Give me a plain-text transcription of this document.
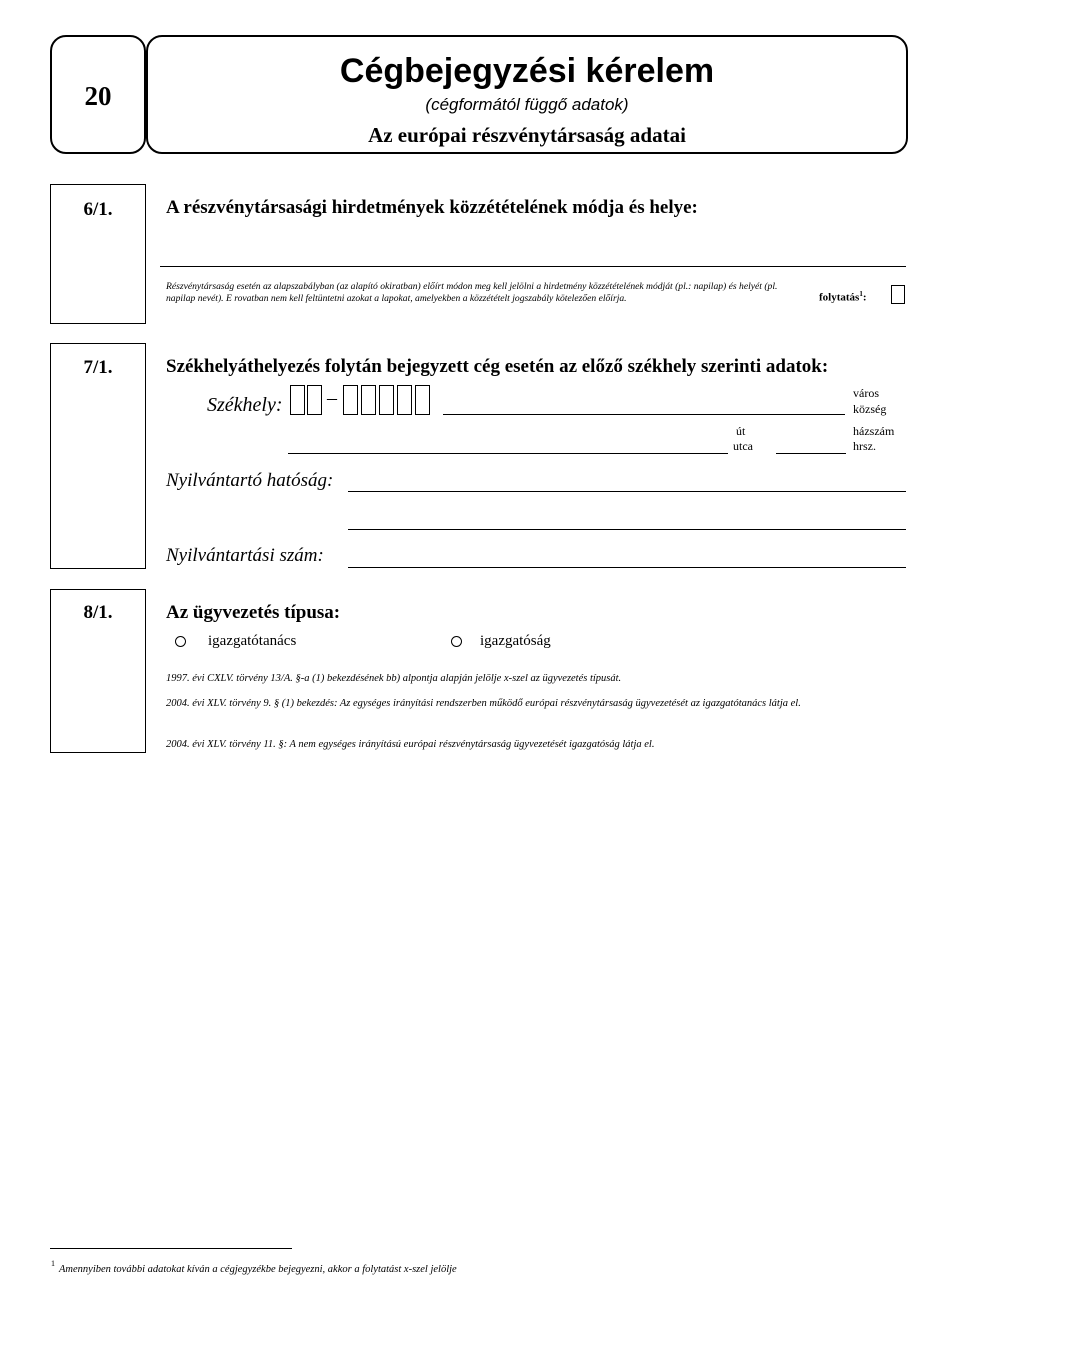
20
Cégbejegyzési kérelem
(cégformától függő adatok)
Az európai részvénytársaság adatai
6/1.	A részvénytársasági hirdetmények közzétételének módja és helye:
Részvénytársaság esetén az alapszabályban (az alapító okiratban) előírt módon meg kell jelölni a hirdetmény közzétételének módját (pl.: napilap) és helyét (pl. napilap nevét). E rovatban nem kell feltüntetni azokat a lapokat, amelyekben a közzétételt jogszabály kötelezően előírja.	folytatás$^1$:
7/1.	Székhelyáthelyezés folytán bejegyzett cég esetén az előző székhely szerinti adatok:
Székhely: –	város
község
út
utca
házszám
hrsz.
Nyilvántartó hatóság:
Nyilvántartási szám:
8/1.	Az ügyvezetés típusa:
igazgatótanács	igazgatóság
1997. évi CXLV. törvény 13/A. §-a (1) bekezdésének bb) alpontja alapján jelölje x-szel az ügyvezetés típusát.
2004. évi XLV. törvény 9. § (1) bekezdés: Az egységes irányítási rendszerben működő európai részvénytársaság ügyvezetését az igazgatótanács látja el.
2004. évi XLV. törvény 11. §: A nem egységes irányítású európai részvénytársaság ügyvezetését igazgatóság látja el.
1
Amennyiben további adatokat kíván a cégjegyzékbe bejegyezni, akkor a folytatást x-szel jelölje
